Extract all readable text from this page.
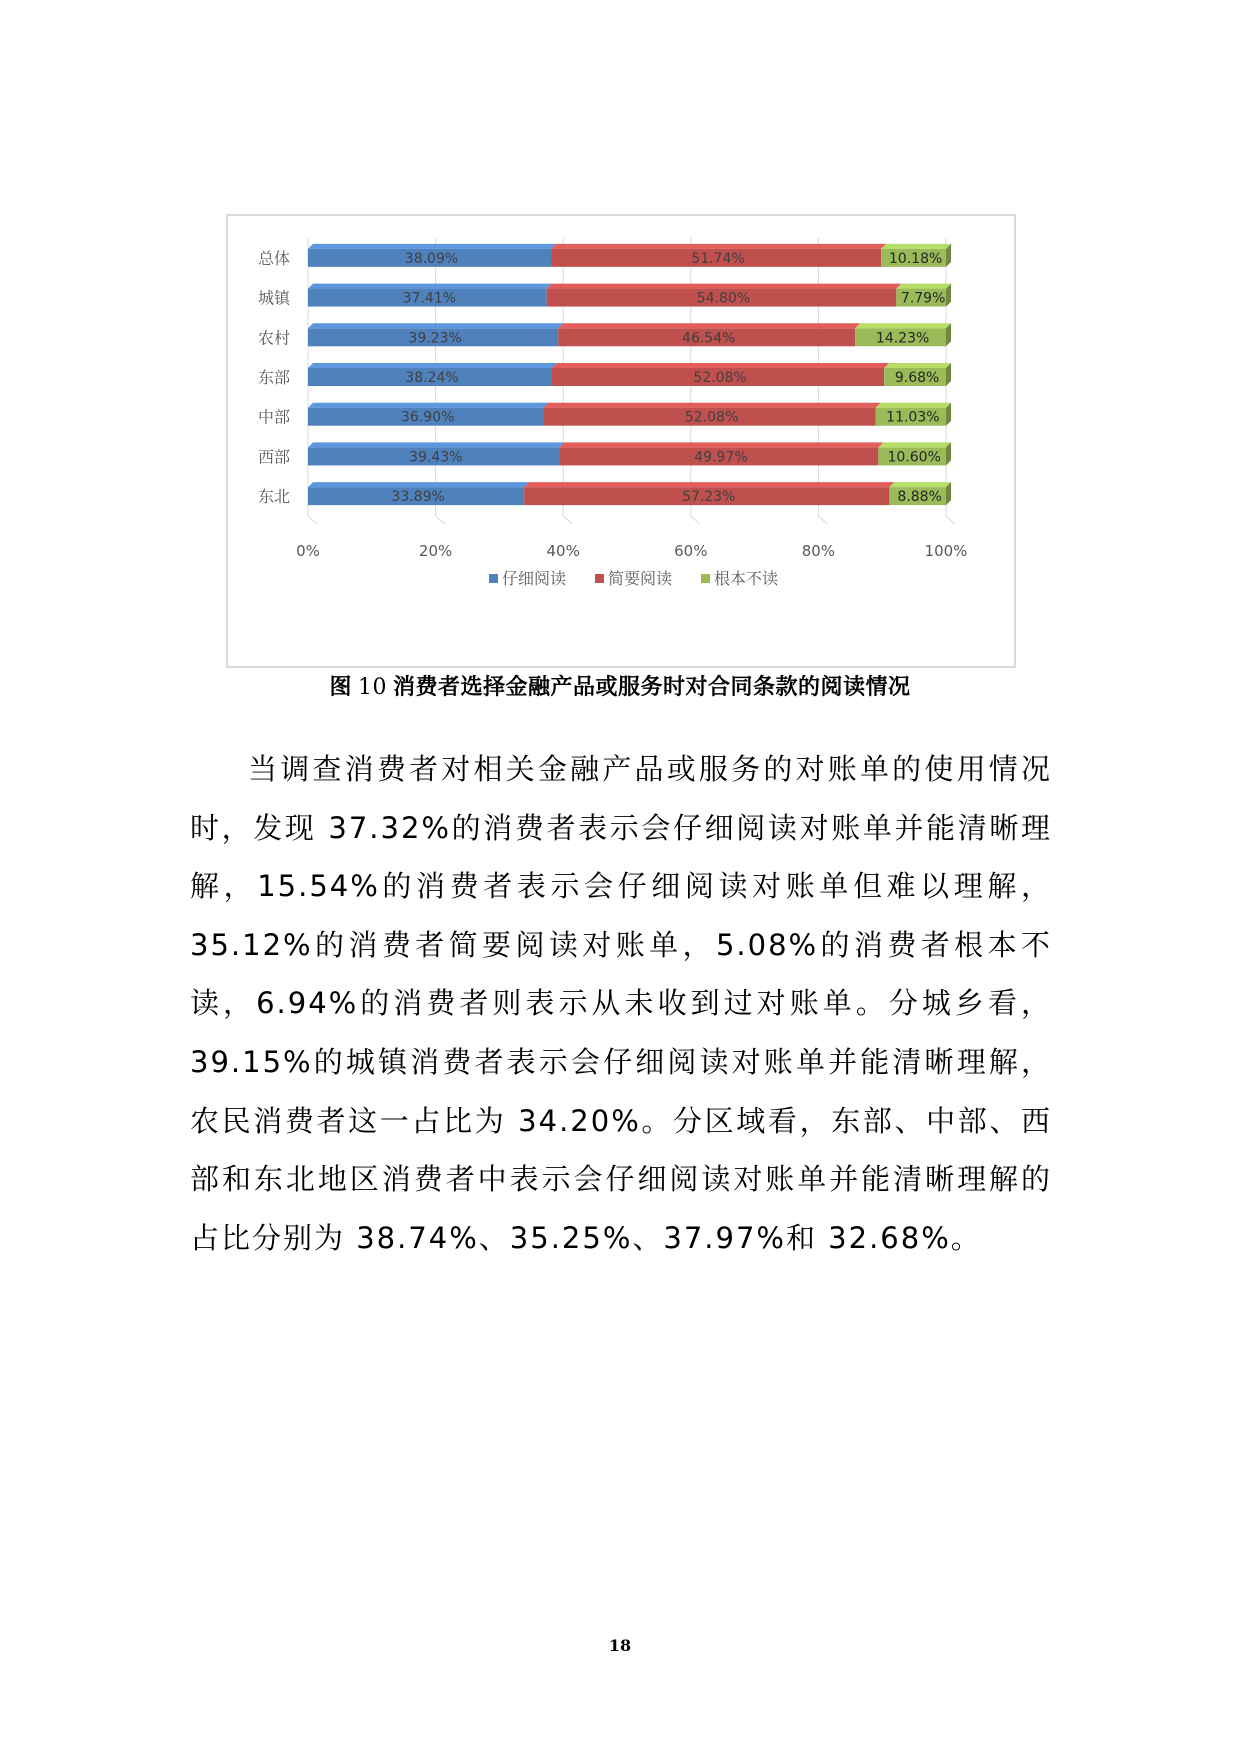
0%	20%	40%	60%	80%	100%
总体	38.09%	51.74%	10.18%
城镇	37.41%	54.80%	7.79%
农村	39.23%	46.54%	14.23%
东部	38.24%	52.08%	9.68%
中部	36.90%	52.08%	11.03%
西部	39.43%	49.97%	10.60%
东北	33.89%	57.23%	8.88%
仔细阅读	简要阅读	根本不读
图 10 消费者选择金融产品或服务时对合同条款的阅读情况

当调查消费者对相关金融产品或服务的对账单的使用情况时，发现 37.32%的消费者表示会仔细阅读对账单并能清晰理解，15.54%的消费者表示会仔细阅读对账单但难以理解，35.12%的消费者简要阅读对账单，5.08%的消费者根本不读，6.94%的消费者则表示从未收到过对账单。分城乡看，39.15%的城镇消费者表示会仔细阅读对账单并能清晰理解，农民消费者这一占比为 34.20%。分区域看，东部、中部、西部和东北地区消费者中表示会仔细阅读对账单并能清晰理解的占比分别为 38.74%、35.25%、37.97%和 32.68%。

18
